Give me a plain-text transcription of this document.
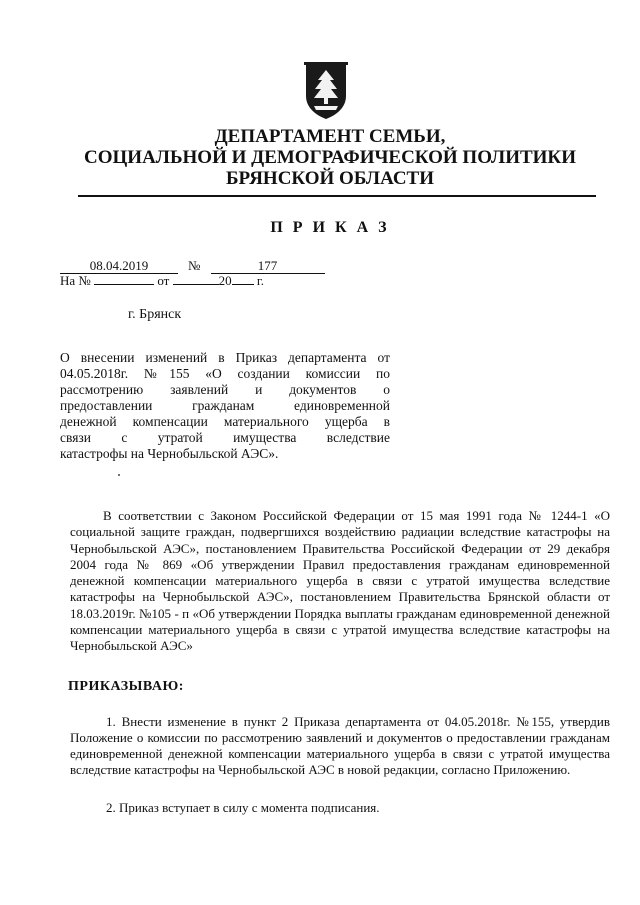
ДЕПАРТАМЕНТ СЕМЬИ,
СОЦИАЛЬНОЙ И ДЕМОГРАФИЧЕСКОЙ ПОЛИТИКИ
БРЯНСКОЙ ОБЛАСТИ
П Р И К А З
08.04.2019	№	177
На №	от	20 г.
г. Брянск
О внесении изменений в Приказ департамента от
04.05.2018г. №155 «О создании комиссии по
рассмотрению заявлений и документов о
предоставлении гражданам единовременной
денежной компенсации материального ущерба в
связи с утратой имущества вследствие
катастрофы на Чернобыльской АЭС».
В соответствии с Законом Российской Федерации от 15 мая 1991 года № 1244-1 «О социальной защите граждан, подвергшихся воздействию радиации вследствие катастрофы на Чернобыльской АЭС», постановлением Правительства Российской Федерации от 29 декабря 2004 года № 869 «Об утверждении Правил предоставления гражданам единовременной денежной компенсации материального ущерба в связи с утратой имущества вследствие катастрофы на Чернобыльской АЭС», постановлением Правительства Брянской области от 18.03.2019г. №105 - п «Об утверждении Порядка выплаты гражданам единовременной денежной компенсации материального ущерба в связи с утратой имущества вследствие катастрофы на Чернобыльской АЭС»
ПРИКАЗЫВАЮ:
1. Внести изменение в пункт 2 Приказа департамента от 04.05.2018г. №155, утвердив Положение о комиссии по рассмотрению заявлений и документов о предоставлении гражданам единовременной денежной компенсации материального ущерба в связи с утратой имущества вследствие катастрофы на Чернобыльской АЭС в новой редакции, согласно Приложению.
2. Приказ вступает в силу с момента подписания.
